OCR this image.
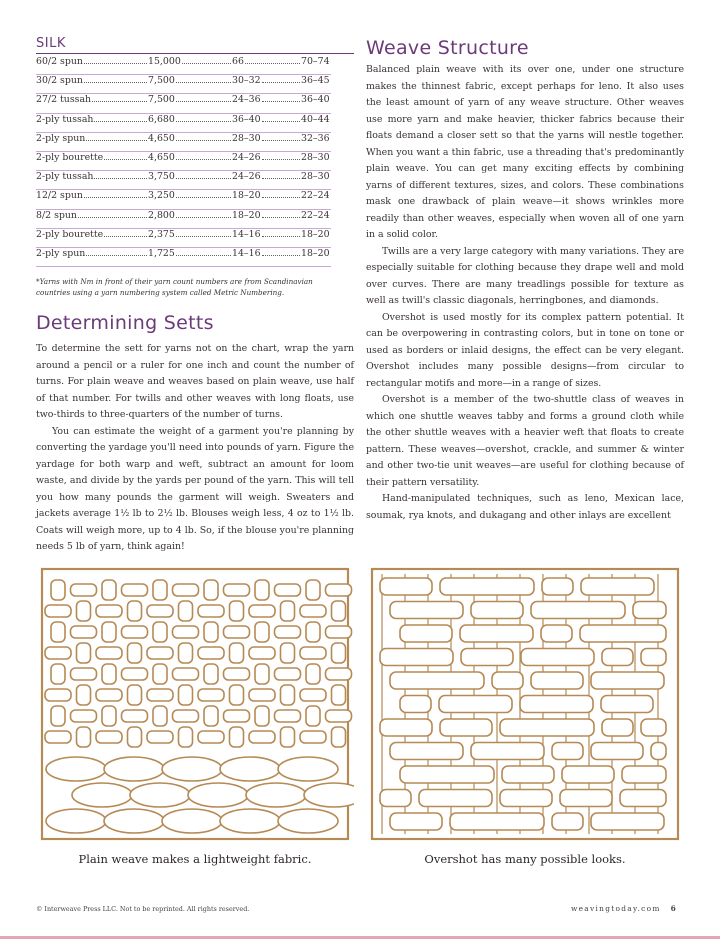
SILK
60/2 spun	15,000	66	70–74
30/2 spun	7,500	30–32	36–45
27/2 tussah	7,500	24–36	36–40
2-ply tussah	6,680	36–40	40–44
2-ply spun	4,650	28–30	32–36
2-ply bourette	4,650	24–26	28–30
2-ply tussah	3,750	24–26	28–30
12/2 spun	3,250	18–20	22–24
8/2 spun	2,800	18–20	22–24
2-ply bourette	2,375	14–16	18–20
2-ply spun	1,725	14–16	18–20
*Yarns with Nm in front of their yarn count numbers are from Scandinavian countries using a yarn numbering system called Metric Numbering.
Determining Setts

To determine the sett for yarns not on the chart, wrap the yarn around a pencil or a ruler for one inch and count the number of turns. For plain weave and weaves based on plain weave, use half of that number. For twills and other weaves with long floats, use two-thirds to three-quarters of the number of turns.

You can estimate the weight of a garment you're planning by converting the yardage you'll need into pounds of yarn. Figure the yardage for both warp and weft, subtract an amount for loom waste, and divide by the yards per pound of the yarn. This will tell you how many pounds the garment will weigh. Sweaters and jackets average 1½ lb to 2½ lb. Blouses weigh less, 4 oz to 1½ lb. Coats will weigh more, up to 4 lb. So, if the blouse you're planning needs 5 lb of yarn, think again!

Weave Structure

Balanced plain weave with its over one, under one structure makes the thinnest fabric, except perhaps for leno. It also uses the least amount of yarn of any weave structure. Other weaves use more yarn and make heavier, thicker fabrics because their floats demand a closer sett so that the yarns will nestle together. When you want a thin fabric, use a threading that's predominantly plain weave. You can get many exciting effects by combining yarns of different textures, sizes, and colors. These combinations mask one drawback of plain weave—it shows wrinkles more readily than other weaves, especially when woven all of one yarn in a solid color.

Twills are a very large category with many variations. They are especially suitable for clothing because they drape well and mold over curves. There are many treadlings possible for texture as well as twill's classic diagonals, herringbones, and diamonds.

Overshot is used mostly for its complex pattern potential. It can be overpowering in contrasting colors, but in tone on tone or used as borders or inlaid designs, the effect can be very elegant. Overshot includes many possible designs—from circular to rectangular motifs and more—in a range of sizes.

Overshot is a member of the two-shuttle class of weaves in which one shuttle weaves tabby and forms a ground cloth while the other shuttle weaves with a heavier weft that floats to create pattern. These weaves—overshot, crackle, and summer & winter and other two-tie unit weaves—are useful for clothing because of their pattern versatility.

Hand-manipulated techniques, such as leno, Mexican lace, soumak, rya knots, and dukagang and other inlays are excellent

Plain weave makes a lightweight fabric.	Overshot has many possible looks.
© Interweave Press LLC. Not to be reprinted. All rights reserved.	weavingtoday.com 6
